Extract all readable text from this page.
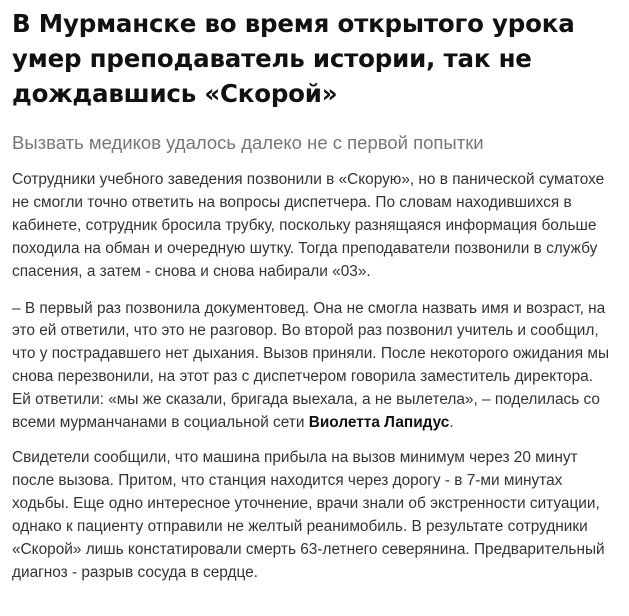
В Мурманске во время открытого урока умер преподаватель истории, так не дождавшись «Скорой»

Вызвать медиков удалось далеко не с первой попытки

Сотрудники учебного заведения позвонили в «Скорую», но в панической суматохе не смогли точно ответить на вопросы диспетчера. По словам находившихся в кабинете, сотрудник бросила трубку, поскольку разнящаяся информация больше походила на обман и очередную шутку. Тогда преподаватели позвонили в службу спасения, а затем - снова и снова набирали «03».

– В первый раз позвонила документовед. Она не смогла назвать имя и возраст, на это ей ответили, что это не разговор. Во второй раз позвонил учитель и сообщил, что у пострадавшего нет дыхания. Вызов приняли. После некоторого ожидания мы снова перезвонили, на этот раз с диспетчером говорила заместитель директора. Ей ответили: «мы же сказали, бригада выехала, а не вылетела», – поделилась со всеми мурманчанами в социальной сети Виолетта Лапидус.

Свидетели сообщили, что машина прибыла на вызов минимум через 20 минут после вызова. Притом, что станция находится через дорогу - в 7-ми минутах ходьбы. Еще одно интересное уточнение, врачи знали об экстренности ситуации, однако к пациенту отправили не желтый реанимобиль. В результате сотрудники «Скорой» лишь констатировали смерть 63-летнего северянина. Предварительный диагноз - разрыв сосуда в сердце.
